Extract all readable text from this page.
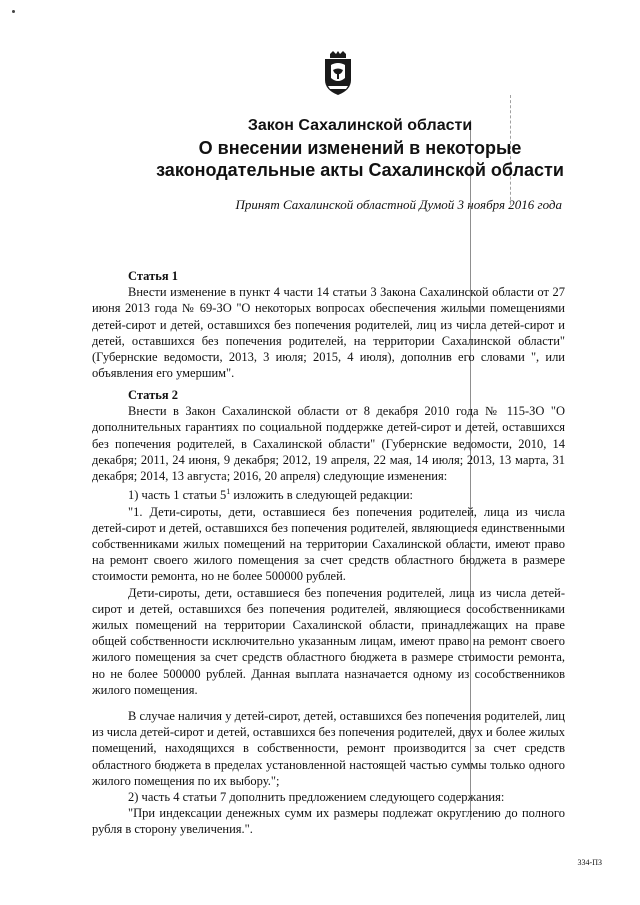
Закон Сахалинской области
О внесении изменений в некоторые
законодательные акты Сахалинской области
Принят Сахалинской областной Думой 3 ноября 2016 года

Статья 1

Внести изменение в пункт 4 части 14 статьи 3 Закона Сахалинской области от 27 июня 2013 года № 69-ЗО "О некоторых вопросах обеспечения жилыми помещениями детей-сирот и детей, оставшихся без попечения родителей, лиц из числа детей-сирот и детей, оставшихся без попечения родителей, на территории Сахалинской области" (Губернские ведомости, 2013, 3 июля; 2015, 4 июля), дополнив его словами ", или объявления его умершим".

Статья 2

Внести в Закон Сахалинской области от 8 декабря 2010 года № 115-ЗО "О дополнительных гарантиях по социальной поддержке детей-сирот и детей, оставшихся без попечения родителей, в Сахалинской области" (Губернские ведомости, 2010, 14 декабря; 2011, 24 июня, 9 декабря; 2012, 19 апреля, 22 мая, 14 июля; 2013, 13 марта, 31 декабря; 2014, 13 августа; 2016, 20 апреля) следующие изменения:

1) часть 1 статьи $5^1$ изложить в следующей редакции:

"1. Дети-сироты, дети, оставшиеся без попечения родителей, лица из числа детей-сирот и детей, оставшихся без попечения родителей, являющиеся единственными собственниками жилых помещений на территории Сахалинской области, имеют право на ремонт своего жилого помещения за счет средств областного бюджета в размере стоимости ремонта, но не более 500000 рублей.

Дети-сироты, дети, оставшиеся без попечения родителей, лица из числа детей-сирот и детей, оставшихся без попечения родителей, являющиеся сособственниками жилых помещений на территории Сахалинской области, принадлежащих на праве общей собственности исключительно указанным лицам, имеют право на ремонт своего жилого помещения за счет средств областного бюджета в размере стоимости ремонта, но не более 500000 рублей. Данная выплата назначается одному из сособственников жилого помещения.

В случае наличия у детей-сирот, детей, оставшихся без попечения родителей, лиц из числа детей-сирот и детей, оставшихся без попечения родителей, двух и более жилых помещений, находящихся в собственности, ремонт производится за счет средств областного бюджета в пределах установленной настоящей частью суммы только одного жилого помещения по их выбору.";

2) часть 4 статьи 7 дополнить предложением следующего содержания:

"При индексации денежных сумм их размеры подлежат округлению до полного рубля в сторону увеличения.".

334-ПЗ
